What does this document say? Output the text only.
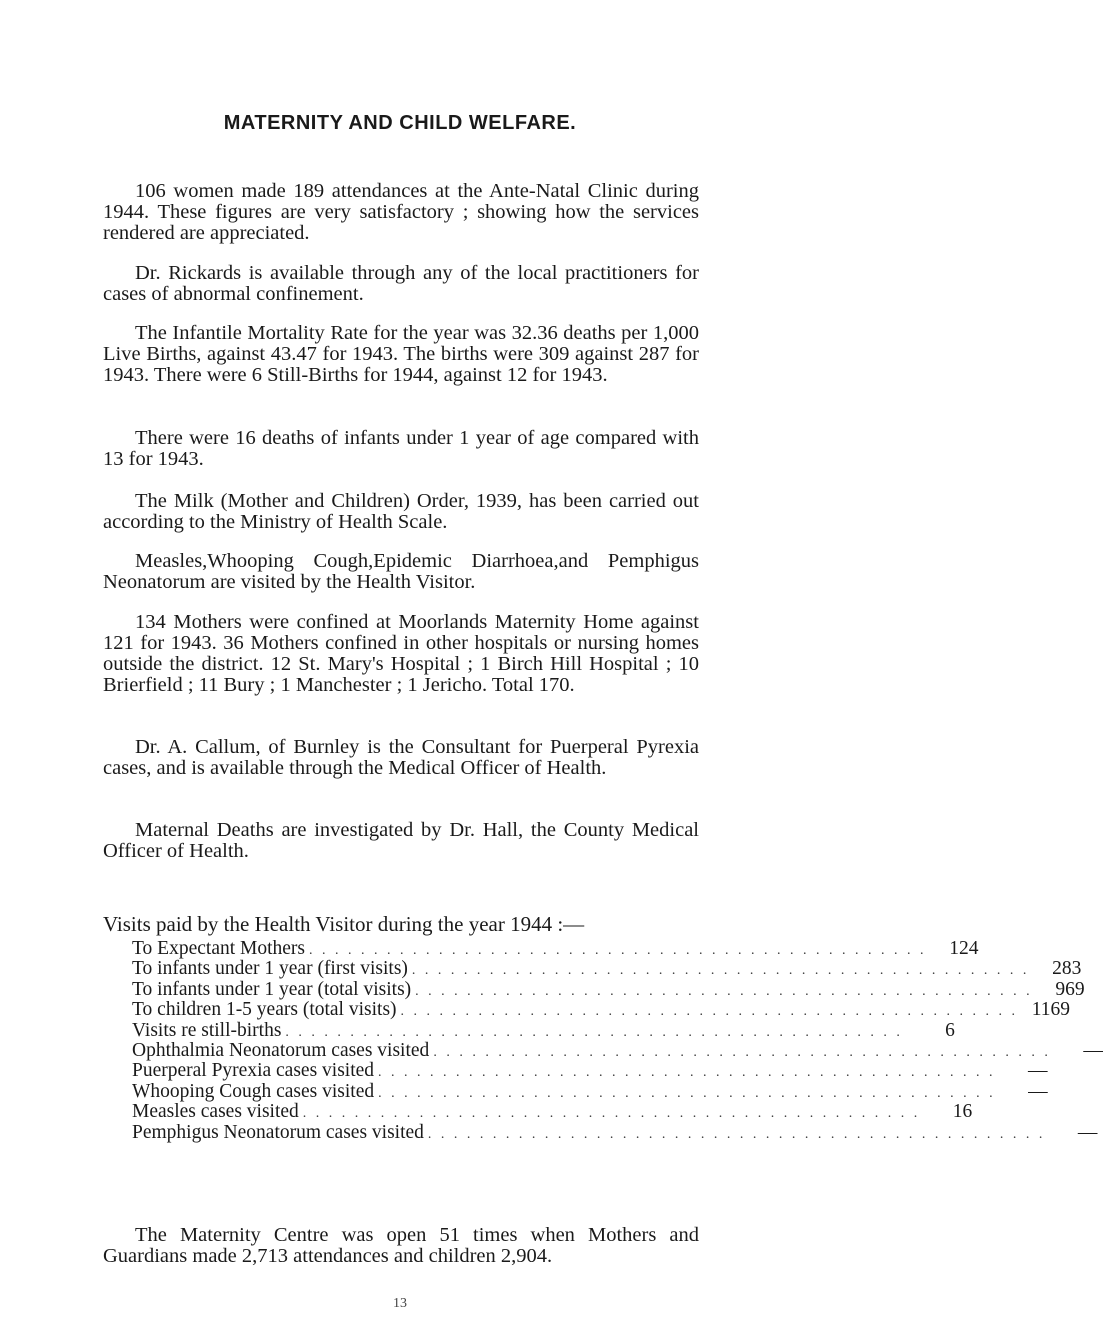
MATERNITY AND CHILD WELFARE.

106 women made 189 attendances at the Ante-Natal Clinic during 1944. These figures are very satisfactory ; showing how the services rendered are appreciated.

Dr. Rickards is available through any of the local practitioners for cases of abnormal confinement.

The Infantile Mortality Rate for the year was 32.36 deaths per 1,000 Live Births, against 43.47 for 1943. The births were 309 against 287 for 1943. There were 6 Still-Births for 1944, against 12 for 1943.

There were 16 deaths of infants under 1 year of age compared with 13 for 1943.

The Milk (Mother and Children) Order, 1939, has been carried out according to the Ministry of Health Scale.

Measles,Whooping Cough,Epidemic Diarrhoea,and Pemphigus Neonatorum are visited by the Health Visitor.

134 Mothers were confined at Moorlands Maternity Home against 121 for 1943. 36 Mothers confined in other hospitals or nursing homes outside the district. 12 St. Mary's Hospital ; 1 Birch Hill Hospital ; 10 Brierfield ; 11 Bury ; 1 Manchester ; 1 Jericho. Total 170.

Dr. A. Callum, of Burnley is the Consultant for Puerperal Pyrexia cases, and is available through the Medical Officer of Health.

Maternal Deaths are investigated by Dr. Hall, the County Medical Officer of Health.

Visits paid by the Health Visitor during the year 1944 :—

To Expectant Mothers . . . . . . . . . . . . . . . . . . . . . . . . . . . . . . . . . . . . . . . . . . . . . . . .	124
To infants under 1 year (first visits) . . . . . . . . . . . . . . . . . . . . . . . . . . . . . . . . . . . . . . . . . . . . . . . .	283
To infants under 1 year (total visits) . . . . . . . . . . . . . . . . . . . . . . . . . . . . . . . . . . . . . . . . . . . . . . . .	969
To children 1-5 years (total visits) . . . . . . . . . . . . . . . . . . . . . . . . . . . . . . . . . . . . . . . . . . . . . . . . 1169
Visits re still-births . . . . . . . . . . . . . . . . . . . . . . . . . . . . . . . . . . . . . . . . . . . . . . . .	6
Ophthalmia Neonatorum cases visited . . . . . . . . . . . . . . . . . . . . . . . . . . . . . . . . . . . . . . . . . . . . . . . .	—
Puerperal Pyrexia cases visited . . . . . . . . . . . . . . . . . . . . . . . . . . . . . . . . . . . . . . . . . . . . . . . .	—
Whooping Cough cases visited . . . . . . . . . . . . . . . . . . . . . . . . . . . . . . . . . . . . . . . . . . . . . . . .	—
Measles cases visited . . . . . . . . . . . . . . . . . . . . . . . . . . . . . . . . . . . . . . . . . . . . . . . .	16
Pemphigus Neonatorum cases visited . . . . . . . . . . . . . . . . . . . . . . . . . . . . . . . . . . . . . . . . . . . . . . . .	—

The Maternity Centre was open 51 times when Mothers and Guardians made 2,713 attendances and children 2,904.

13
